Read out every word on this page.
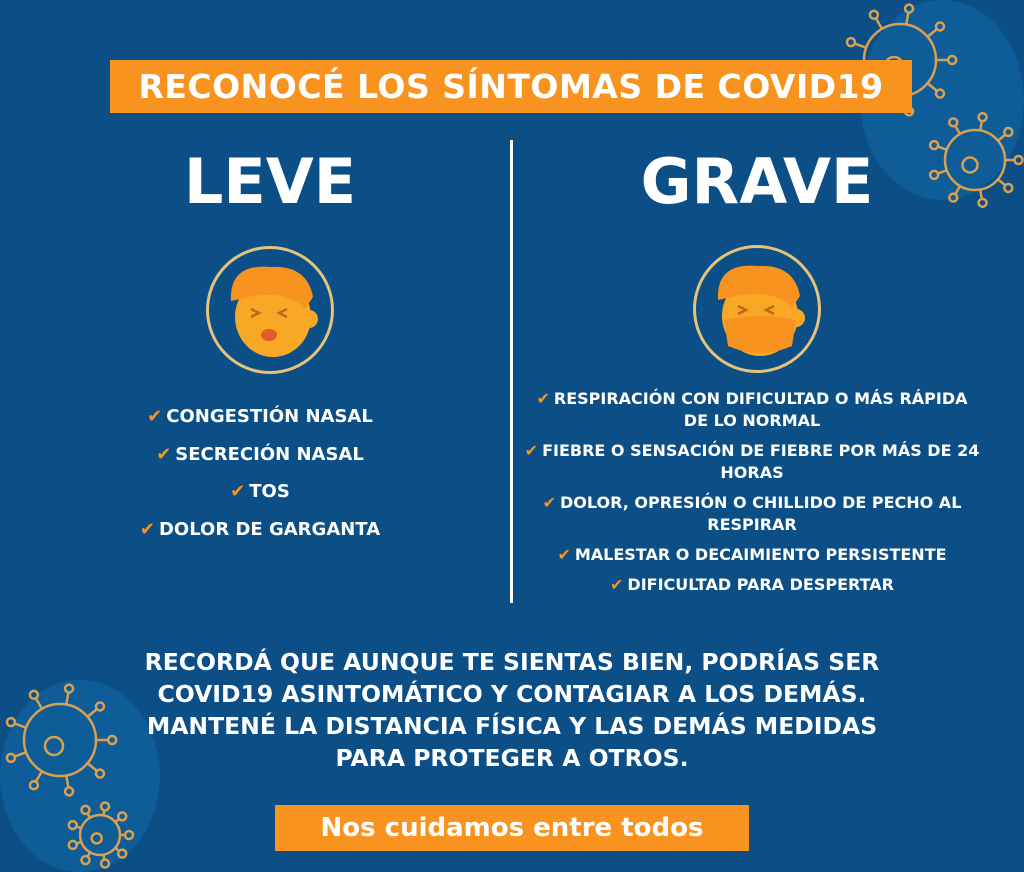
RECONOCÉ LOS SÍNTOMAS DE COVID19
LEVE	GRAVE
✔ CONGESTIÓN NASAL
✔ SECRECIÓN NASAL
✔ TOS
✔ DOLOR DE GARGANTA
✔ RESPIRACIÓN CON DIFICULTAD O MÁS RÁPIDA DE LO NORMAL
✔ FIEBRE O SENSACIÓN DE FIEBRE POR MÁS DE 24 HORAS
✔ DOLOR, OPRESIÓN O CHILLIDO DE PECHO AL RESPIRAR
✔ MALESTAR O DECAIMIENTO PERSISTENTE
✔ DIFICULTAD PARA DESPERTAR
RECORDÁ QUE AUNQUE TE SIENTAS BIEN, PODRÍAS SER COVID19 ASINTOMÁTICO Y CONTAGIAR A LOS DEMÁS. MANTENÉ LA DISTANCIA FÍSICA Y LAS DEMÁS MEDIDAS PARA PROTEGER A OTROS.
Nos cuidamos entre todos
